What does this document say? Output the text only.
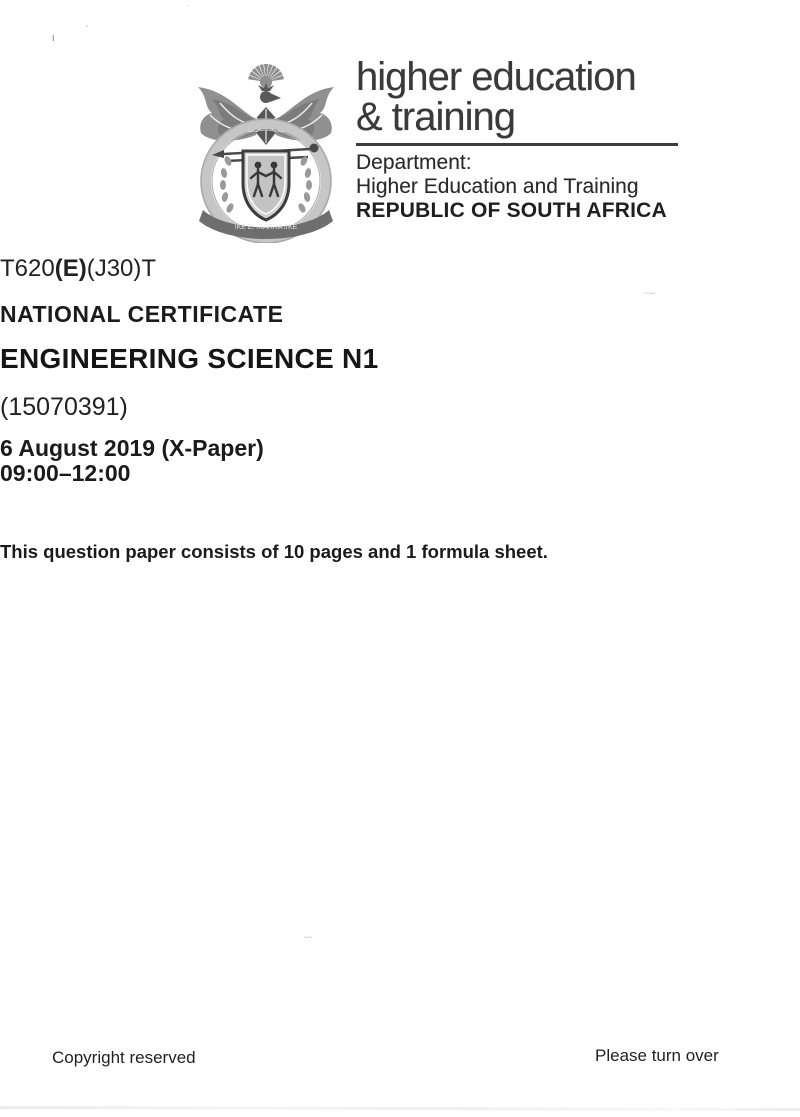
ι
'
·
⁓
∽
!KE E: /XARRA //KE
higher education
& training
Department:
Higher Education and Training
REPUBLIC OF SOUTH AFRICA
T620(E)(J30)T
NATIONAL CERTIFICATE
ENGINEERING SCIENCE N1
(15070391)
6 August 2019 (X-Paper)
09:00–12:00
This question paper consists of 10 pages and 1 formula sheet.
Copyright reserved	Please turn over
